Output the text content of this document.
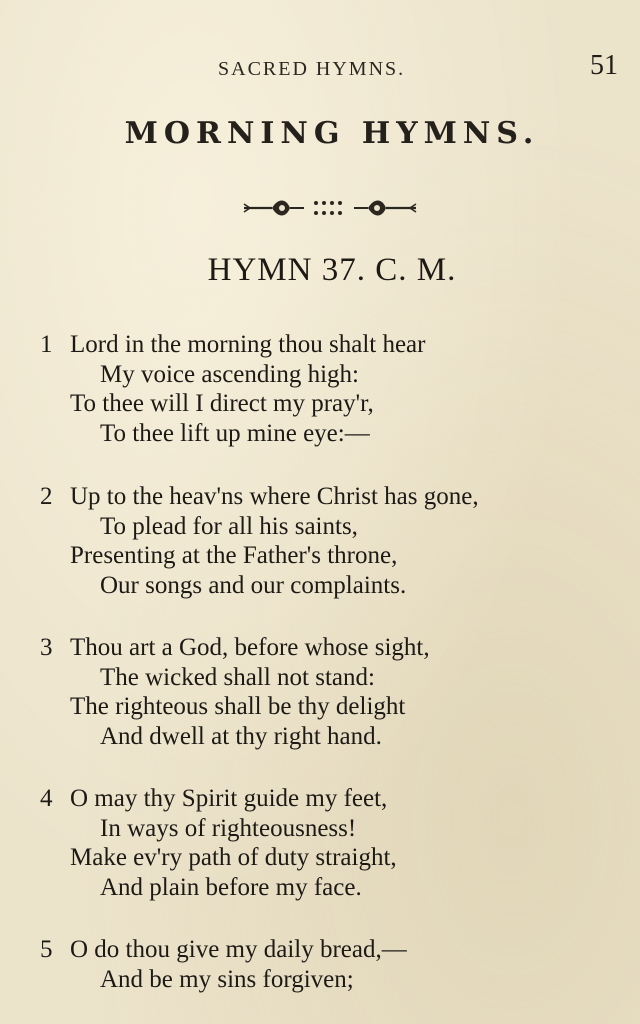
SACRED HYMNS.	51
MORNING HYMNS.
HYMN 37. C. M.
1 Lord in the morning thou shalt hear
My voice ascending high:
To thee will I direct my pray'r,
To thee lift up mine eye:—
2 Up to the heav'ns where Christ has gone,
To plead for all his saints,
Presenting at the Father's throne,
Our songs and our complaints.
3 Thou art a God, before whose sight,
The wicked shall not stand:
The righteous shall be thy delight
And dwell at thy right hand.
4 O may thy Spirit guide my feet,
In ways of righteousness!
Make ev'ry path of duty straight,
And plain before my face.
5 O do thou give my daily bread,—
And be my sins forgiven;
